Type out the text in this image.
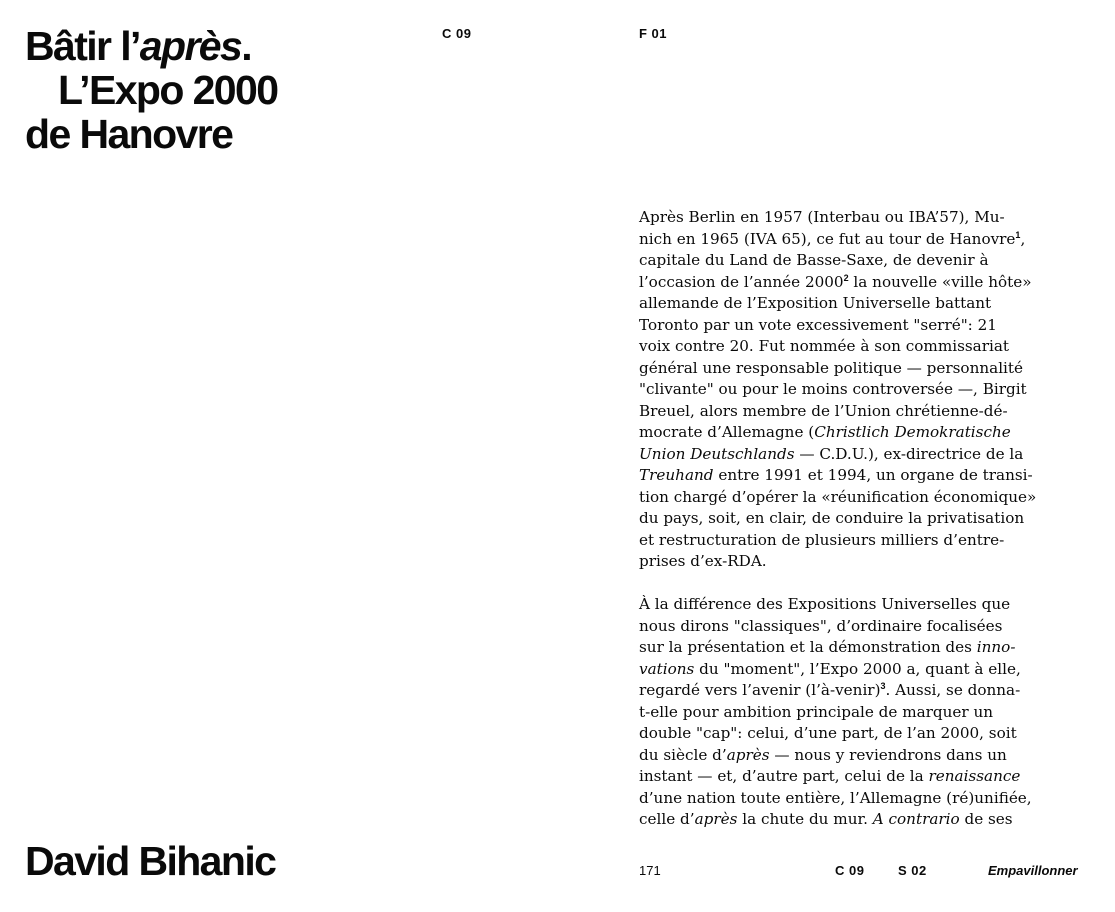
Bâtir l’après.
L’Expo 2000
de Hanovre
C 09	F 01
Après Berlin en 1957 (Interbau ou IBA’57), Mu-
nich en 1965 (IVA 65), ce fut au tour de Hanovre$^1$,
capitale du Land de Basse-Saxe, de devenir à
l’occasion de l’année 2000$^2$ la nouvelle «ville hôte»
allemande de l’Exposition Universelle battant
Toronto par un vote excessivement "serré": 21
voix contre 20. Fut nommée à son commissariat
général une responsable politique — personnalité
"clivante" ou pour le moins controversée —, Birgit
Breuel, alors membre de l’Union chrétienne-dé-
mocrate d’Allemagne (Christlich Demokratische
Union Deutschlands — C.D.U.), ex-directrice de la
Treuhand entre 1991 et 1994, un organe de transi-
tion chargé d’opérer la «réunification économique»
du pays, soit, en clair, de conduire la privatisation
et restructuration de plusieurs milliers d’entre-
prises d’ex-RDA.
À la différence des Expositions Universelles que
nous dirons "classiques", d’ordinaire focalisées
sur la présentation et la démonstration des inno-
vations du "moment", l’Expo 2000 a, quant à elle,
regardé vers l’avenir (l’à-venir)$^3$. Aussi, se donna-
t-elle pour ambition principale de marquer un
double "cap": celui, d’une part, de l’an 2000, soit
du siècle d’après — nous y reviendrons dans un
instant — et, d’autre part, celui de la renaissance
d’une nation toute entière, l’Allemagne (ré)unifiée,
celle d’après la chute du mur. A contrario de ses
David Bihanic	171	C 09	S 02	Empavillonner
